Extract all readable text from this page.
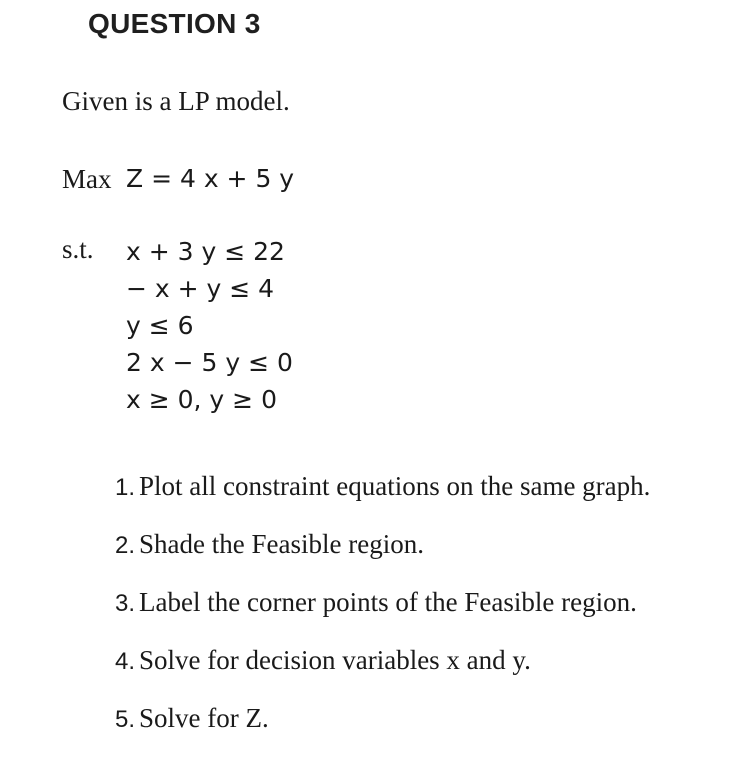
QUESTION 3
Given is a LP model.
Max Z = 4 x + 5 y
s.t. x + 3 y ≤ 22
− x + y ≤ 4
y ≤ 6
2 x − 5 y ≤ 0
x ≥ 0, y ≥ 0
1. Plot all constraint equations on the same graph.
2. Shade the Feasible region.
3. Label the corner points of the Feasible region.
4. Solve for decision variables x and y.
5. Solve for Z.
